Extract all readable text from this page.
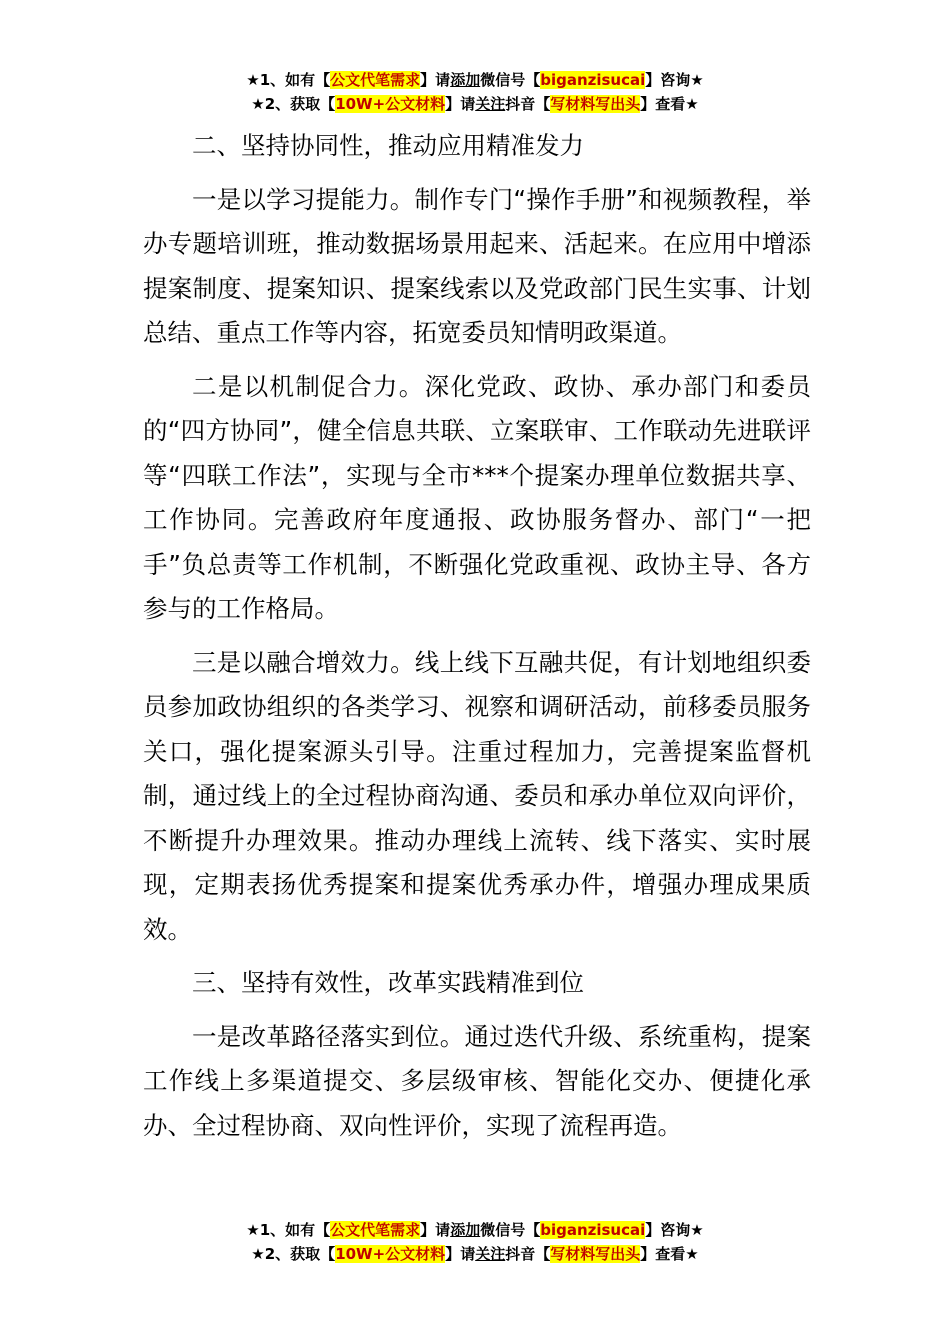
★1、如有【公文代笔需求】请添加微信号【biganzisucai】咨询★
★2、获取【10W+公文材料】请关注抖音【写材料写出头】查看★

二、坚持协同性，推动应用精准发力

一是以学习提能力。制作专门“操作手册”和视频教程，举办专题培训班，推动数据场景用起来、活起来。在应用中增添提案制度、提案知识、提案线索以及党政部门民生实事、计划总结、重点工作等内容，拓宽委员知情明政渠道。

二是以机制促合力。深化党政、政协、承办部门和委员的“四方协同”，健全信息共联、立案联审、工作联动先进联评等“四联工作法”，实现与全市***个提案办理单位数据共享、工作协同。完善政府年度通报、政协服务督办、部门“一把手”负总责等工作机制，不断强化党政重视、政协主导、各方参与的工作格局。

三是以融合增效力。线上线下互融共促，有计划地组织委员参加政协组织的各类学习、视察和调研活动，前移委员服务关口，强化提案源头引导。注重过程加力，完善提案监督机制，通过线上的全过程协商沟通、委员和承办单位双向评价，不断提升办理效果。推动办理线上流转、线下落实、实时展现，定期表扬优秀提案和提案优秀承办件，增强办理成果质效。

三、坚持有效性，改革实践精准到位

一是改革路径落实到位。通过迭代升级、系统重构，提案工作线上多渠道提交、多层级审核、智能化交办、便捷化承办、全过程协商、双向性评价，实现了流程再造。

★1、如有【公文代笔需求】请添加微信号【biganzisucai】咨询★
★2、获取【10W+公文材料】请关注抖音【写材料写出头】查看★
